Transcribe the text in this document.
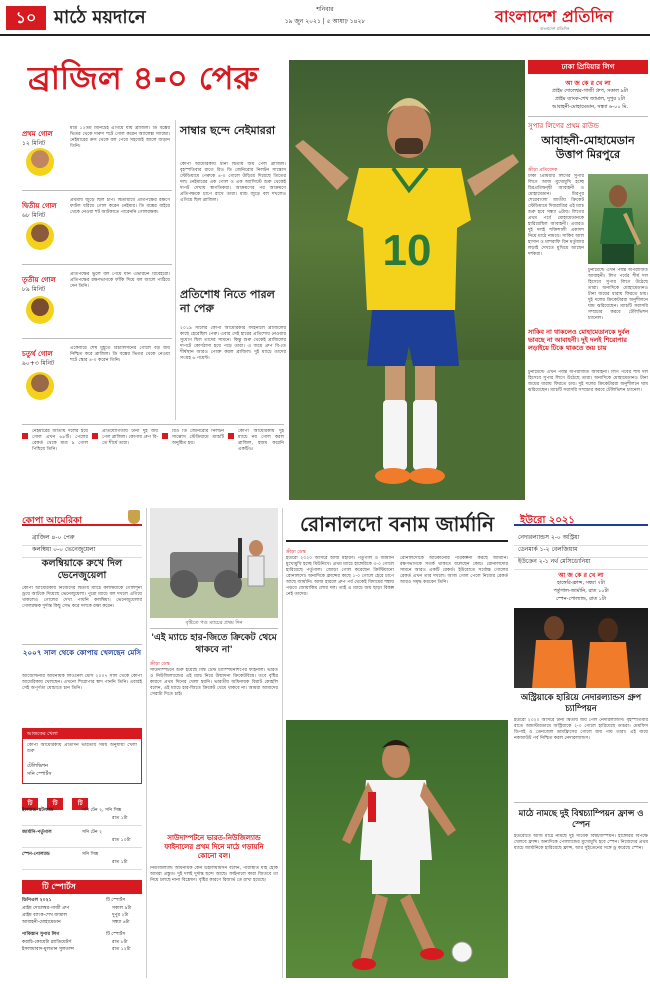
১০ মাঠে ময়দানে	শনিবার
১৯ জুন ২০২১ | ৫ আষাঢ় ১৪২৮	বাংলাদেশ প্রতিদিন
বাংলাদেশ প্রতিদিন
ব্রাজিল ৪-০ পেরু
10
প্রথম গোল
১২ মিনিট
মাত্র ১২তম মিনিটেই এগিয়ে যায় ব্রাজিল। ডি বক্সের ভিতর থেকে দারুণ শটে গোল করেন অ্যালেক্স স্যান্দ্রো। নেইমারের ক্রস থেকে বল পেয়ে সহজেই জালে জড়ান তিনি।
দ্বিতীয় গোল
৬৮ মিনিট
প্রথমার্ধ জুড়ে ছিল চাপ। দ্বিতীয়ার্ধে প্রতিপক্ষের রক্ষণে ফাটল ধরিয়ে গোল করেন নেইমার। ডি বক্সের বাইরে থেকে নেওয়া শট আটকাতে পারেননি গোলরক্ষক।
তৃতীয় গোল
৮৯ মিনিট
প্রতিপক্ষের ভুলে বল পেয়ে যান এভারটন রিবেইরো। প্রতিপক্ষের রক্ষণভাগকে ফাঁকি দিয়ে বল জালে পাঠিয়ে দেন তিনি।
চতুর্থ গোল
৯০+৩ মিনিট
একেবারে শেষ মুহূর্তে রিচার্লিসনের গোলে বড় জয় নিশ্চিত করে ব্রাজিল। ডি বক্সের ভিতর থেকে নেওয়া শটে স্কোর ৪-০ করেন তিনি।
সাম্বার ছন্দে নেইমাররা
কোপা আমেরিকায় টানা দ্বিতীয় জয় পেল ব্রাজিল। বৃহস্পতিবার রাতে রিও ডি জেনিরোর নিলটন সান্তোস স্টেডিয়ামে পেরুকে ৪-০ গোলে উড়িয়ে দিয়েছে তিতের দল। নেইমারের এক গোল ও এক অ্যাসিস্টে শুরু থেকেই দাপট দেখায় স্বাগতিকরা। আক্রমণের পর আক্রমণে প্রতিপক্ষকে চাপে রাখে তারা। ম্যাচ জুড়ে বল দখলেও এগিয়ে ছিল ব্রাজিল।
প্রতিশোধ নিতে পারল না পেরু
২০১৯ সালের কোপা আমেরিকার ফাইনালে ব্রাজিলের কাছে হেরেছিল পেরু। এবার সেই হারের প্রতিশোধ নেওয়ার সুযোগ ছিল তাদের সামনে। কিন্তু শুরু থেকেই ব্রাজিলের দাপটে কোণঠাসা হয়ে পড়ে তারা। এ জয়ে গ্রুপ বি-তে শীর্ষস্থান আরও পোক্ত করল ব্রাজিল। দুই ম্যাচে তাদের সংগ্রহ ৬ পয়েন্ট।
নেইমারের জাতীয় দলের হয়ে গোল এখন ৬৮টি। পেলের রেকর্ড থেকে মাত্র ৯ গোল পিছিয়ে তিনি।
প্রতিযোগিতায় টানা দুই জয় পেল ব্রাজিল। কোপায় গ্রুপ বি-তে শীর্ষে তারা।
রিও ডি জেনিরোর নিলটন সান্তোস স্টেডিয়ামে ম্যাচটি অনুষ্ঠিত হয়।
কোপা আমেরিকায় দুই ম্যাচে নয় গোল করল ব্রাজিল, হজম করেনি একটিও।
ঢাকা প্রিমিয়ার লিগ
আ জ কে র খে লা
প্রাইম দোলেশ্বর-গাজী গ্রুপ, সকাল ৯টা
প্রাইম ব্যাংক-শেখ জামাল, দুপুর ২টা
আবাহনী-মোহামেডান, সন্ধ্যা ৬-০০ মি.
সুপার লিগের প্রথম রাউন্ড
আবাহনী-মোহামেডান উত্তাপ মিরপুরে
ক্রীড়া প্রতিবেদক
ঢাকা প্রিমিয়ার লিগের সুপার লিগে আজ মুখোমুখি হচ্ছে চিরপ্রতিদ্বন্দ্বী আবাহনী ও মোহামেডান। মিরপুর শেরেবাংলা জাতীয় ক্রিকেট স্টেডিয়ামে দিবারাত্রির এই ম্যাচ শুরু হবে সন্ধ্যা ৬টায়। লিগের প্রথম পর্বে মোহামেডানকে হারিয়েছিল আবাহনী। এবারও দুই দলই শক্তিশালী একাদশ নিয়ে মাঠে নামবে। সাকিব আল হাসান ও মাশরাফি বিন মর্তুজার লড়াই দেখতে মুখিয়ে আছেন দর্শকরা।
টুর্নামেন্টে এখন পর্যন্ত অপরাজিত আবাহনী। লিগ পর্বের শীর্ষ দল হিসেবে সুপার লিগে উঠেছে তারা। অন্যদিকে মোহামেডানও টানা জয়ের ধারায় ফিরতে চায়। দুই দলের ক্রিকেটাররা অনুশীলনে ঘাম ঝরিয়েছেন। ম্যাচটি সরাসরি সম্প্রচার করবে টেলিভিশন চ্যানেল।
সাকিব না থাকলেও মোহামেডানকে দুর্বল ভাবছে না আবাহনী। দুই দলই শিরোপার লড়াইয়ে টিকে থাকতে জয় চায়
টুর্নামেন্টে এখন পর্যন্ত অপরাজিত আবাহনী। লিগ পর্বের শীর্ষ দল হিসেবে সুপার লিগে উঠেছে তারা। অন্যদিকে মোহামেডানও টানা জয়ের ধারায় ফিরতে চায়। দুই দলের ক্রিকেটাররা অনুশীলনে ঘাম ঝরিয়েছেন। ম্যাচটি সরাসরি সম্প্রচার করবে টেলিভিশন চ্যানেল।
কোপা আমেরিকা
ব্রাজিল ৪-০ পেরু
কলম্বিয়া ০-০ ভেনেজুয়েলা
কলম্বিয়াকে রুখে দিল ভেনেজুয়েলা
কোপা আমেরিকায় নিজেদের দ্বিতীয় ম্যাচে কলম্বিয়াকে গোলশূন্য ড্রয়ে আটকে দিয়েছে ভেনেজুয়েলা। পুরো ম্যাচে বল দখলে এগিয়ে থাকলেও গোলের দেখা পায়নি কলম্বিয়া। ভেনেজুয়েলার গোলরক্ষক দুর্দান্ত কিছু সেভ করে দলকে রক্ষা করেন।
২০০৭ সাল থেকে কোপায় খেলছেন মেসি
আর্জেন্টিনার অধিনায়ক লিওনেল মেসি ২০০৭ সাল থেকে কোপা আমেরিকায় খেলছেন। এখনো শিরোপার স্বাদ পাননি তিনি। এবারই সেই অপূর্ণতা ঘোচাতে চান তিনি।
আজকের খেলা
কোপা আমেরিকায় প্রতিদিন ভারতীয় সময় অনুযায়ী খেলা শুরু
টেলিভিশন
সনি স্পোর্টস
টি	টি	টি
ইংল্যান্ড-স্কটল্যান্ড	সনি টেন ২, সনি সিক্স
রাত ১টা
জার্মানি-পর্তুগাল	সনি টেন ২
রাত ১০টা
স্পেন-পোল্যান্ড	সনি সিক্স
রাত ১টা
টি স্পোর্টস
ডিপিএল ২০২১	টি স্পোর্টস
প্রাইম দোলেশ্বর-গাজী গ্রুপ	সকাল ৯টা
প্রাইম ব্যাংক-শেখ জামাল	দুপুর ২টা
আবাহনী-মোহামেডান	সন্ধ্যা ৬টা
পাকিস্তান সুপার লিগ	টি স্পোর্টস
করাচি-কোয়েটা গ্ল্যাডিয়েটর্স	রাত ৮টা
ইসলামাবাদ-মুলতান সুলতান্স	রাত ১২টা
বৃষ্টিতে পণ্ড ম্যাচের প্রথম দিন
'এই ম্যাচে হার-জিতে ক্রিকেট থেমে থাকবে না'
ক্রীড়া ডেস্ক
সাউদাম্পটনে শুরু হয়েছে বিশ্ব টেস্ট চ্যাম্পিয়নশিপের ফাইনাল। ভারত ও নিউজিল্যান্ডের এই ম্যাচ নিয়ে উন্মাদনা ক্রিকেটবিশ্বে। তবে বৃষ্টির কারণে প্রথম দিনের খেলা হয়নি। ভারতীয় অধিনায়ক বিরাট কোহলি বলেন, এই ম্যাচে হার-জিতে ক্রিকেট থেমে থাকবে না। আমরা আমাদের সেরাটা দিতে চাই।
সাউদাম্পটনে ভারত-নিউজিল্যান্ড ফাইনালের প্রথম দিনে মাঠে গড়ায়নি কোনো বল।
নিউজিল্যান্ড অধিনায়ক কেন উইলিয়ামসন বলেন, পরিস্থিতি যাই হোক আমরা প্রস্তুত। দুই দলই দুর্দান্ত ছন্দে আছে। ফাইনালে কারা জিতবে তা নিয়ে চলছে নানা বিশ্লেষণ। বৃষ্টির কারণে রিজার্ভ ডে রাখা হয়েছে।
রোনালদো বনাম জার্মানি
ক্রীড়া ডেস্ক
ইউরো ২০২০ আসরে আজ মহারণ। পর্তুগাল ও জার্মানি মুখোমুখি হচ্ছে মিউনিখে। প্রথম ম্যাচে হাঙ্গেরিকে ৩-০ গোলে হারিয়েছে পর্তুগাল। জোড়া গোল করেছেন ক্রিস্টিয়ানো রোনালদো। অন্যদিকে ফ্রান্সের কাছে ১-০ গোলে হেরে চাপে আছে জার্মানি। আজ হারলে গ্রুপ পর্ব থেকেই বিদায়ের শঙ্কায় পড়বে জোয়াকিম লোর দল। তাই এ ম্যাচে জয় ছাড়া বিকল্প নেই তাদের।
রোনালদোকে আটকানোর পরিকল্পনা করছে জার্মানি। রক্ষণভাগকে সতর্ক থাকতে বলেছেন কোচ। রোনালদোর সামনে আরও একটি রেকর্ড। ইউরোতে সর্বোচ্চ গোলের রেকর্ড এখন তার দখলে। আজ গোল পেলে নিজের রেকর্ড আরও সমৃদ্ধ করবেন তিনি।
ইউরো ২০২১
নেদারল্যান্ডস ২-০ অস্ট্রিয়া
ডেনমার্ক ১-২ বেলজিয়াম
ইউক্রেন ২-১ নর্থ মেসিডোনিয়া
আ জ কে র খে লা
হাঙ্গেরি-ফ্রান্স, সন্ধ্যা ৭টা
পর্তুগাল-জার্মানি, রাত ১০টা
স্পেন-পোল্যান্ড, রাত ১টা
অস্ট্রিয়াকে হারিয়ে নেদারল্যান্ডস গ্রুপ চ্যাম্পিয়ন
ইউরো ২০২০ আসরে টানা দ্বিতীয় জয় পেল নেদারল্যান্ডস। বৃহস্পতিবার রাতে আমস্টারডামে অস্ট্রিয়াকে ২-০ গোলে হারিয়েছে ডাচরা। মেমফিস ডিপাই ও ডেনজেল ডামফ্রিসের গোলে জয় পায় তারা। এই জয়ে নকআউট পর্ব নিশ্চিত করল নেদারল্যান্ডস।
মাঠে নামছে দুই বিশ্বচ্যাম্পিয়ন ফ্রান্স ও স্পেন
ইউরোতে আজ মাঠে নামছে দুই সাবেক বিশ্বচ্যাম্পিয়ন। হাঙ্গেরির বিপক্ষে খেলবে ফ্রান্স। অন্যদিকে পোল্যান্ডের মুখোমুখি হবে স্পেন। নিজেদের প্রথম ম্যাচে জার্মানিকে হারিয়েছে ফ্রান্স, আর সুইডেনের সঙ্গে ড্র করেছে স্পেন।
